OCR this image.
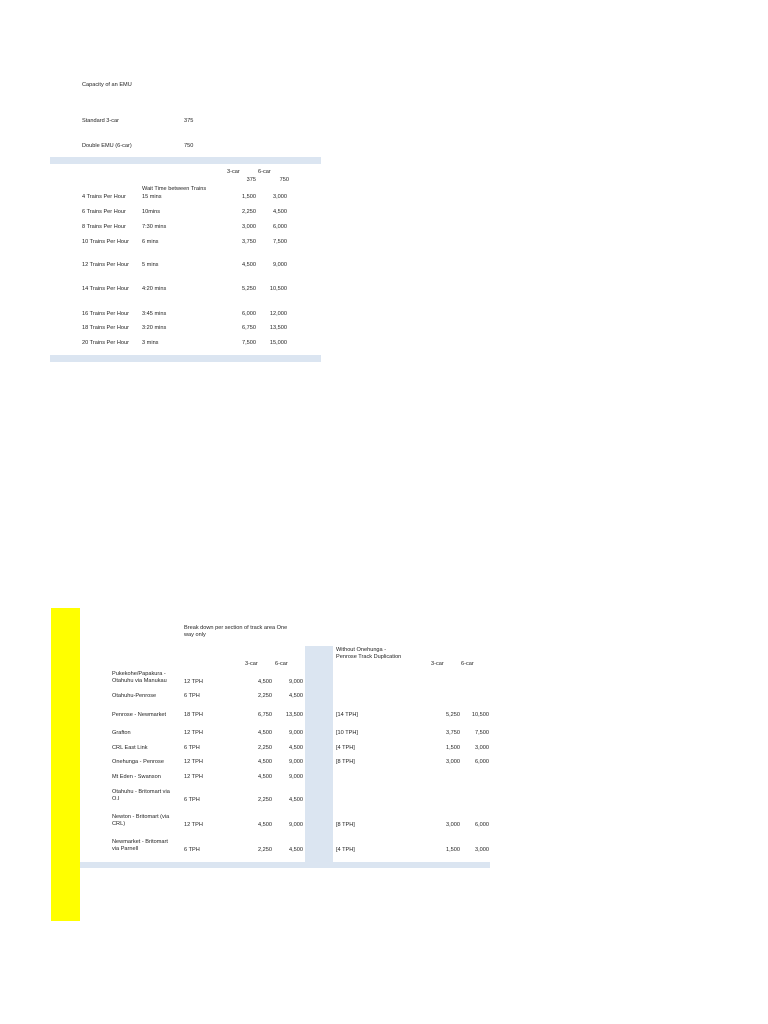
Capacity of an EMU
Standard 3-car	375
Double EMU (6-car)	750
3-car	6-car
375	750
Wait Time between Trains
4 Trains Per Hour	15 mins	1,500	3,000
6 Trains Per Hour	10mins	2,250	4,500
8 Trains Per Hour	7:30 mins	3,000	6,000
10 Trains Per Hour 6 mins	3,750	7,500
12 Trains Per Hour 5 mins	4,500	9,000
14 Trains Per Hour 4:20 mins	5,250	10,500
16 Trains Per Hour 3:45 mins	6,000	12,000
18 Trains Per Hour 3:20 mins	6,750	13,500
20 Trains Per Hour 3 mins	7,500	15,000
Break down per section of track area One way only
3-car	6-car
Without Onehunga - Penrose Track Duplication
3-car	6-car
Pukekohe/Papakura - Otahuhu via Manukau	12 TPH	4,500	9,000
Otahuhu-Penrose	6 TPH	2,250	4,500
Penrose - Newmarket	18 TPH	6,750	13,500	[14 TPH]	5,250	10,500
Grafton	12 TPH	4,500	9,000	[10 TPH]	3,750	7,500
CRL East Link	6 TPH	2,250	4,500	[4 TPH]	1,500	3,000
Onehunga - Penrose	12 TPH	4,500	9,000	[8 TPH]	3,000	6,000
Mt Eden - Swanson	12 TPH	4,500	9,000
Otahuhu - Britomart via O.I	6 TPH	2,250	4,500
Newton - Britomart (via CRL)	12 TPH	4,500	9,000	[8 TPH]	3,000	6,000
Newmarket - Britomart via Parnell	6 TPH	2,250	4,500	[4 TPH]	1,500	3,000
